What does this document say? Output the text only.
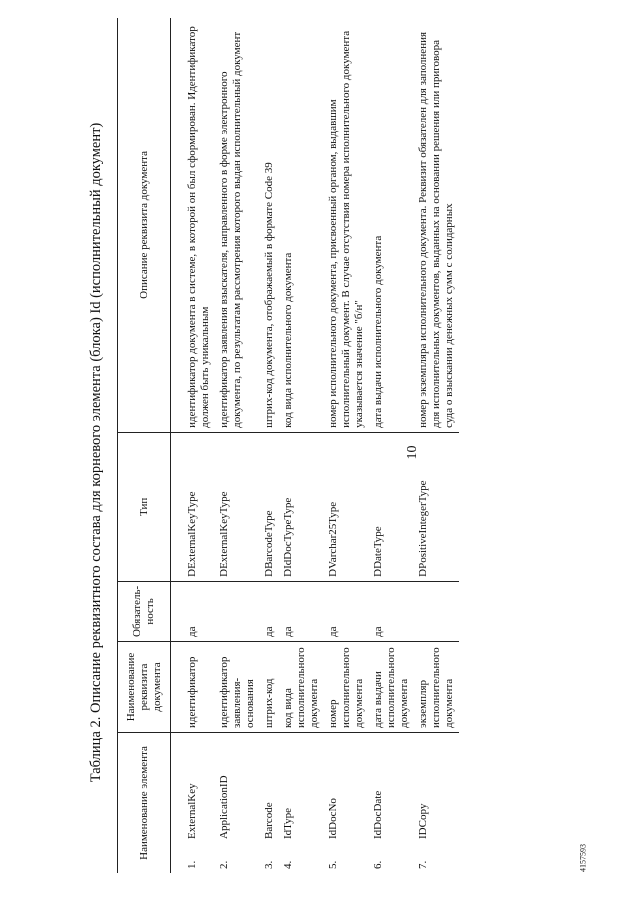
Таблица 2. Описание реквизитного состава для корневого элемента (блока) Id (исполнительный документ)	10
Наименование элемента		Наименование реквизита документа	Обязатель-ность	Тип	Описание реквизита документа

1.	ExternalKey	идентификатор	да	DExternalKeyType	идентификатор документа в системе, в которой он был сформирован. Идентификатор должен быть уникальным
2.	ApplicationID	идентификатор заявления-основания		DExternalKeyType	идентификатор заявления взыскателя, направленного в форме электронного документа, по результатам рассмотрения которого выдан исполнительный документ
3.	Barcode	штрих-код	да	DBarcodeType	штрих-код документа, отображаемый в формате Code 39
4.	IdType	код вида исполнительного документа	да	DIdDocTypeType	код вида исполнительного документа
5.	IdDocNo	номер исполнительного документа	да	DVarchar25Type	номер исполнительного документа, присвоенный органом, выдавшим исполнительный документ. В случае отсутствия номера исполнительного документа указывается значение "б/н"
6.	IdDocDate	дата выдачи исполнительного документа	да	DDateType	дата выдачи исполнительного документа
7.	IDCopy	экземпляр исполнительного документа		DPositiveIntegerType	номер экземпляра исполнительного документа. Реквизит обязателен для заполнения для исполнительных документов, выданных на основании решения или приговора суда о взыскании денежных сумм с солидарных
4157593
